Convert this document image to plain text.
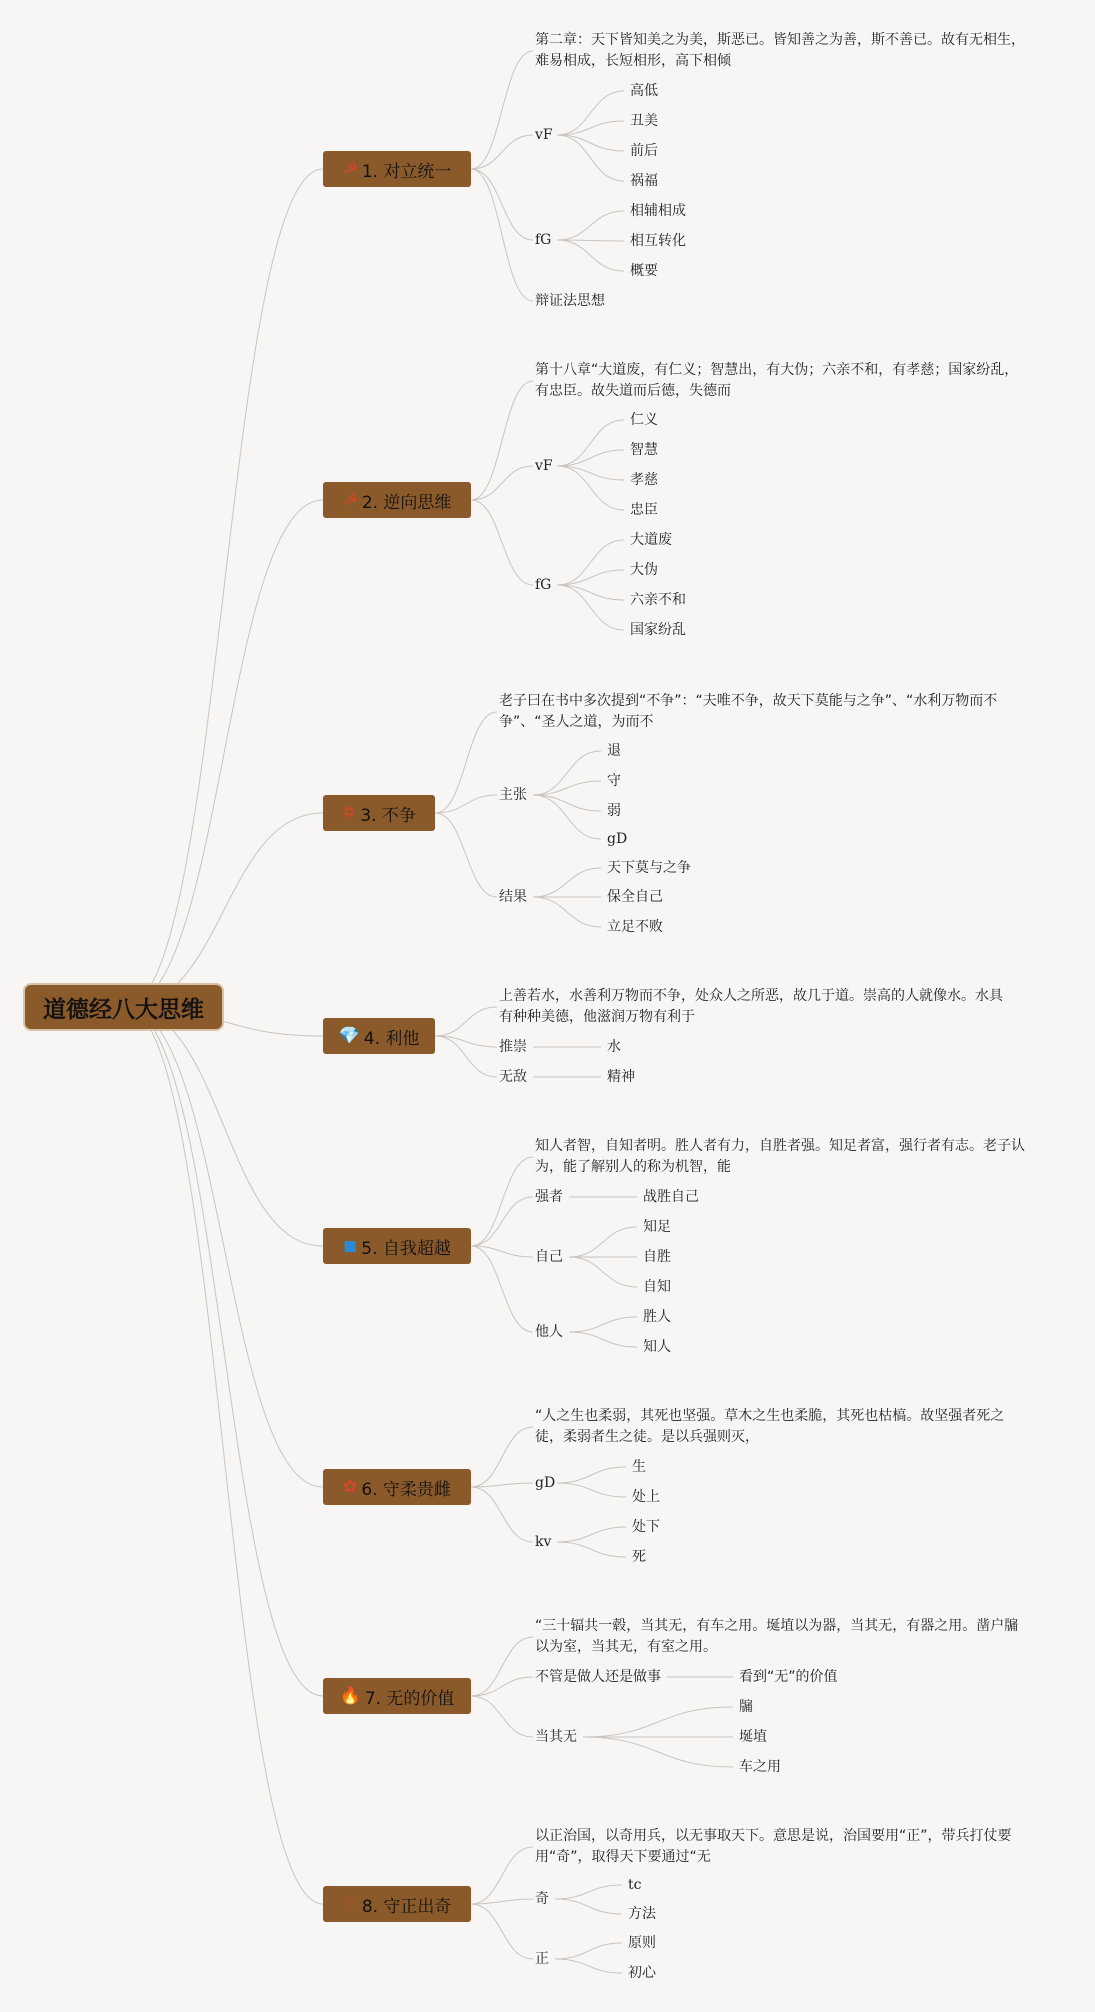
道德经八大思维
☭ 1. 对立统一
第二章：天下皆知美之为美，斯恶已。皆知善之为善，斯不善已。故有无相生，难易相成，长短相形，高下相倾
vF
高低
丑美
前后
祸福
fG
相辅相成
相互转化
概要
辩证法思想
☭ 2. 逆向思维
第十八章“大道废，有仁义；智慧出，有大伪；六亲不和，有孝慈；国家纷乱，有忠臣。故失道而后德，失德而
vF
仁义
智慧
孝慈
忠臣
fG
大道废
大伪
六亲不和
国家纷乱
✡ 3. 不争
老子曰在书中多次提到“不争”：“夫唯不争，故天下莫能与之争”、“水利万物而不争”、“圣人之道，为而不
主张
退
守
弱
gD
结果
天下莫与之争
保全自己
立足不败
💎 4. 利他
上善若水，水善利万物而不争，处众人之所恶，故几于道。崇高的人就像水。水具有种种美德，他滋润万物有利于
推崇	水
无敌	精神
◼ 5. 自我超越
知人者智，自知者明。胜人者有力，自胜者强。知足者富，强行者有志。老子认为，能了解别人的称为机智，能
强者	战胜自己
自己
知足
自胜
自知
他人
胜人
知人
✿ 6. 守柔贵雌
“人之生也柔弱，其死也坚强。草木之生也柔脆，其死也枯槁。故坚强者死之徒，柔弱者生之徒。是以兵强则灭，
gD
生
处上
kv
处下
死
🔥 7. 无的价值
“三十辐共一毂，当其无，有车之用。埏埴以为器，当其无，有器之用。凿户牖以为室，当其无，有室之用。
不管是做人还是做事	看到“无”的价值
当其无
牖
埏埴
车之用
♡ 8. 守正出奇
以正治国，以奇用兵，以无事取天下。意思是说，治国要用“正”，带兵打仗要用“奇”，取得天下要通过“无
奇
tc
方法
正
原则
初心
